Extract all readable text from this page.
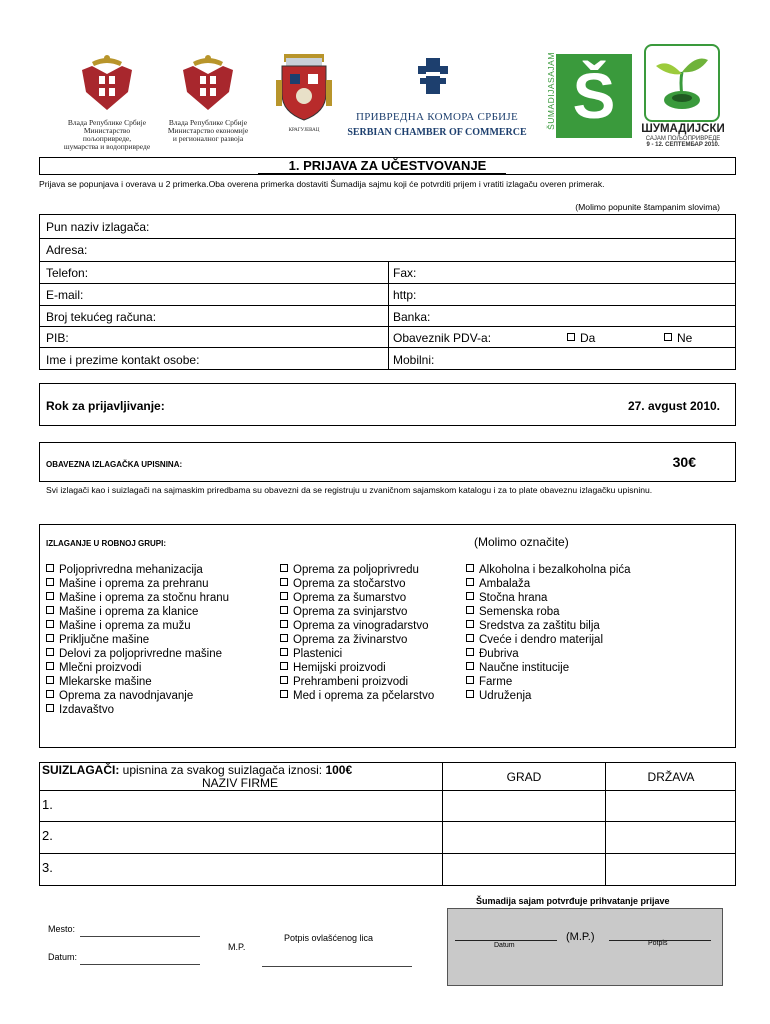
Влада Републике Србије
Министарство пољопривреде,
шумарства и водопривреде
Влада Републике Србије
Министарство економије
и регионалног развоја
КРАГУЈЕВАЦ
ПРИВРЕДНА КОМОРА СРБИЈЕ
SERBIAN CHAMBER OF COMMERCE
ŠUMADIJASAJAM Š	ШУМАДИЈСКИ
САЈАМ ПОЉОПРИВРЕДЕ
9 - 12. СЕПТЕМБАР 2010.
1. PRIJAVA ZA UČESTVOVANJE
Prijava se popunjava i overava u 2 primerka.Oba overena primerka dostaviti Šumadija sajmu koji će potvrditi prijem i vratiti izlagaču overen primerak.
(Molimo popunite štampanim slovima)
Pun naziv izlagača:
Adresa:
Telefon:	Fax:
E-mail:	http:
Broj tekućeg računa:	Banka:
PIB:	Obaveznik PDV-a:	Da	Ne
Ime i prezime kontakt osobe:	Mobilni:
Rok za prijavljivanje:	27. avgust 2010.
OBAVEZNA IZLAGAČKA UPISNINA:	30€
Svi izlagači kao i suizlagači na sajmaskim priredbama su obavezni da se registruju u zvaničnom sajamskom katalogu i za to plate obaveznu izlagačku upisninu.
IZLAGANJE U ROBNOJ GRUPI:	(Molimo označite)
Poljoprivredna mehanizacija
Mašine i oprema za prehranu
Mašine i oprema za stočnu hranu
Mašine i oprema za klanice
Mašine i oprema za mužu
Priključne mašine
Delovi za poljoprivredne mašine
Mlečni proizvodi
Mlekarske mašine
Oprema za navodnjavanje
Izdavaštvo
Oprema za poljoprivredu
Oprema za stočarstvo
Oprema za šumarstvo
Oprema za svinjarstvo
Oprema za vinogradarstvo
Oprema za živinarstvo
Plastenici
Hemijski proizvodi
Prehrambeni proizvodi
Med i oprema za pčelarstvo
Alkoholna i bezalkoholna pića
Ambalaža
Stočna hrana
Semenska roba
Sredstva za zaštitu bilja
Cveće i dendro materijal
Đubriva
Naučne institucije
Farme
Udruženja
SUIZLAGAČI: upisnina za svakog suizlagača iznosi: 100€
NAZIV FIRME	GRAD	DRŽAVA
1.
2.
3.
Mesto:
Datum:
M.P.
Potpis ovlašćenog lica
Šumadija sajam potvrđuje prihvatanje prijave
(M.P.)
Datum	Potpis
